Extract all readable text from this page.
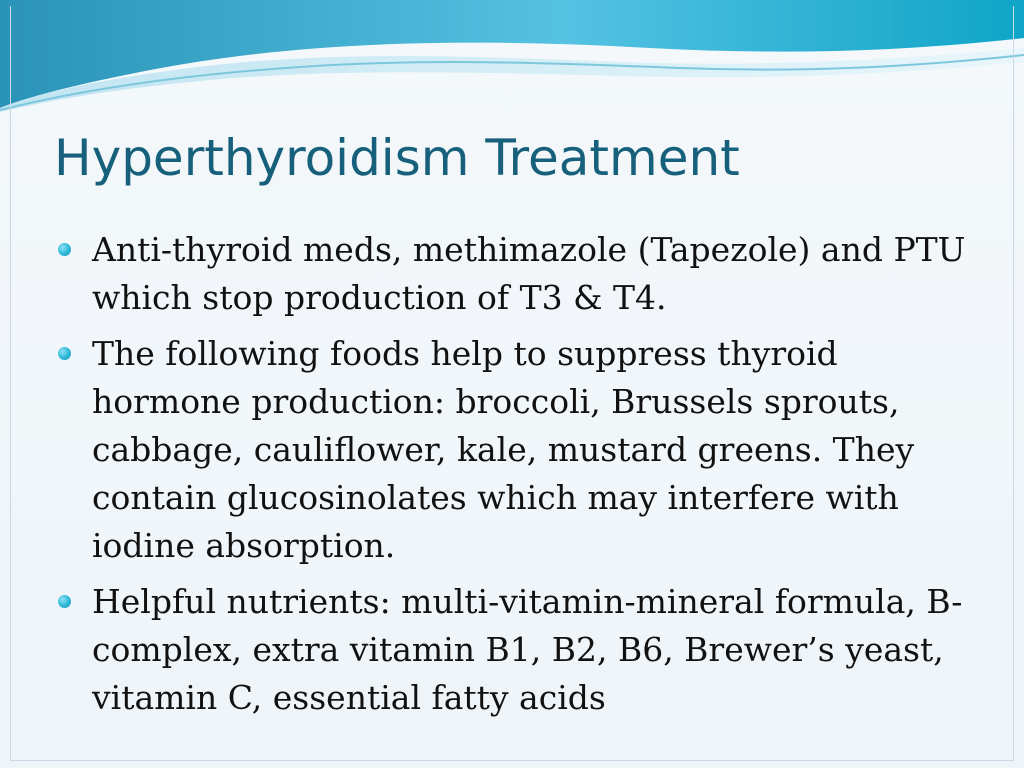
Hyperthyroidism Treatment
Anti-thyroid meds, methimazole (Tapezole) and PTU which stop production of T3 & T4.
The following foods help to suppress thyroid hormone production: broccoli, Brussels sprouts, cabbage, cauliflower, kale, mustard greens. They contain glucosinolates which may interfere with iodine absorption.
Helpful nutrients: multi-vitamin-mineral formula, B-complex, extra vitamin B1, B2, B6, Brewer’s yeast, vitamin C, essential fatty acids
